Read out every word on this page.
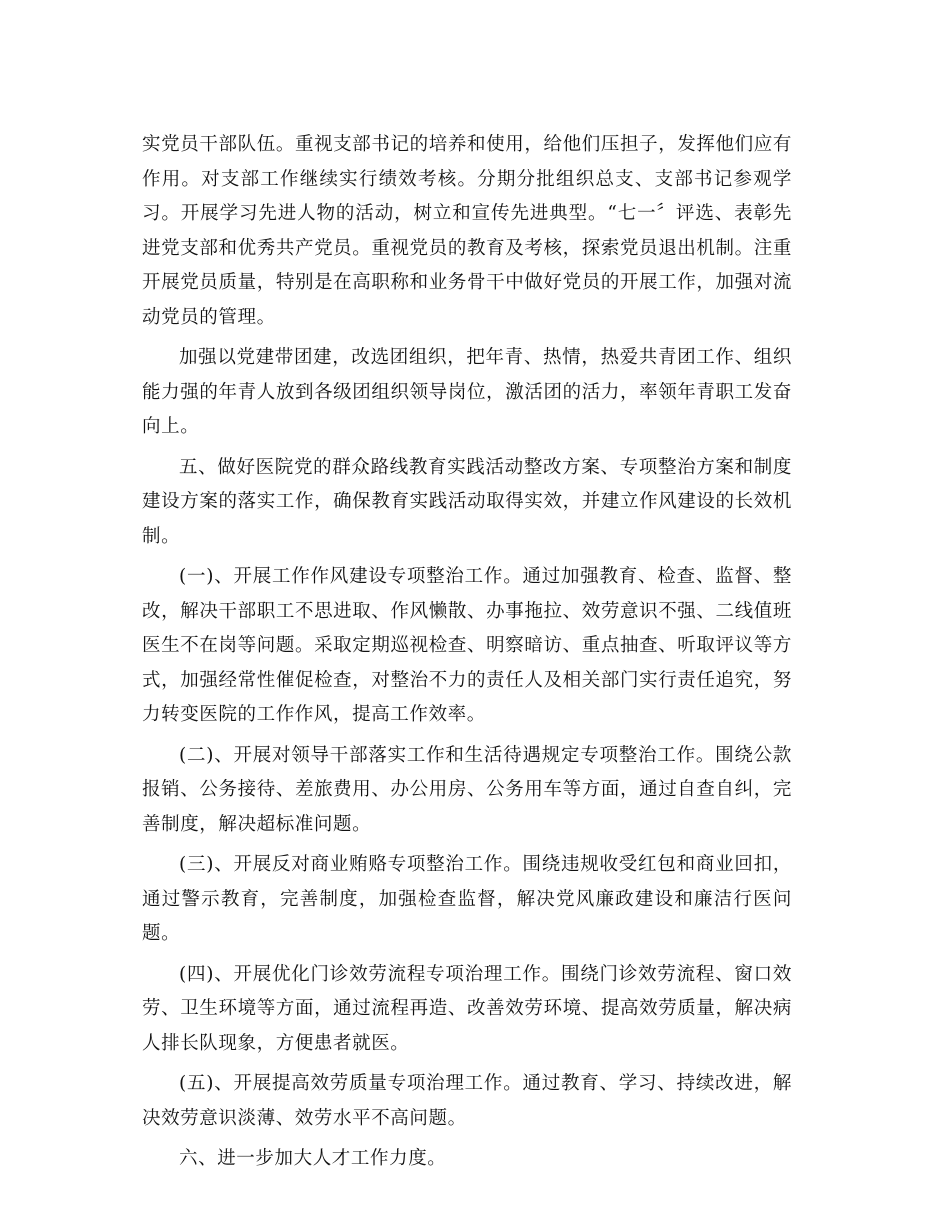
实党员干部队伍。重视支部书记的培养和使用，给他们压担子，发挥他们应有作用。对支部工作继续实行绩效考核。分期分批组织总支、支部书记参观学习。开展学习先进人物的活动，树立和宣传先进典型。“七一〞评选、表彰先进党支部和优秀共产党员。重视党员的教育及考核，探索党员退出机制。注重开展党员质量，特别是在高职称和业务骨干中做好党员的开展工作，加强对流动党员的管理。

加强以党建带团建，改选团组织，把年青、热情，热爱共青团工作、组织能力强的年青人放到各级团组织领导岗位，激活团的活力，率领年青职工发奋向上。

五、做好医院党的群众路线教育实践活动整改方案、专项整治方案和制度建设方案的落实工作，确保教育实践活动取得实效，并建立作风建设的长效机制。

(一)、开展工作作风建设专项整治工作。通过加强教育、检查、监督、整改，解决干部职工不思进取、作风懒散、办事拖拉、效劳意识不强、二线值班医生不在岗等问题。采取定期巡视检查、明察暗访、重点抽查、听取评议等方式，加强经常性催促检查，对整治不力的责任人及相关部门实行责任追究，努力转变医院的工作作风，提高工作效率。

(二)、开展对领导干部落实工作和生活待遇规定专项整治工作。围绕公款报销、公务接待、差旅费用、办公用房、公务用车等方面，通过自查自纠，完善制度，解决超标准问题。

(三)、开展反对商业贿赂专项整治工作。围绕违规收受红包和商业回扣，通过警示教育，完善制度，加强检查监督，解决党风廉政建设和廉洁行医问题。

(四)、开展优化门诊效劳流程专项治理工作。围绕门诊效劳流程、窗口效劳、卫生环境等方面，通过流程再造、改善效劳环境、提高效劳质量，解决病人排长队现象，方便患者就医。

(五)、开展提高效劳质量专项治理工作。通过教育、学习、持续改进，解决效劳意识淡薄、效劳水平不高问题。

六、进一步加大人才工作力度。
